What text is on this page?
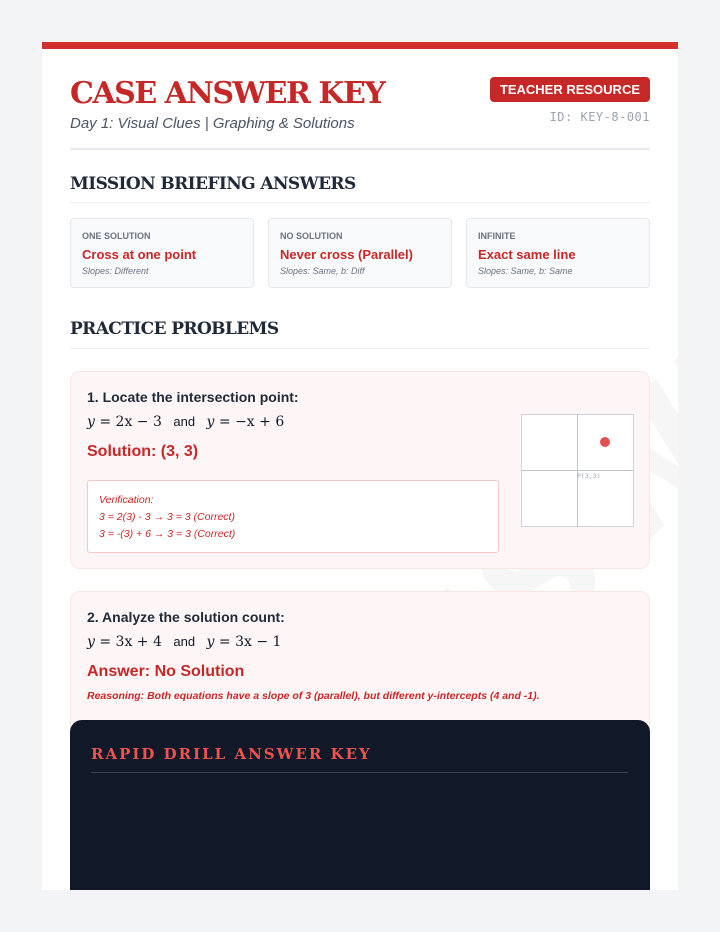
CASE ANSWER KEY
Day 1: Visual Clues | Graphing & Solutions
TEACHER RESOURCE
ID: KEY-8-001
MISSION BRIEFING ANSWERS
ONE SOLUTION
Cross at one point
Slopes: Different
NO SOLUTION
Never cross (Parallel)
Slopes: Same, b: Diff
INFINITE
Exact same line
Slopes: Same, b: Same
PRACTICE PROBLEMS
1. Locate the intersection point:
y = 2x − 3 and y = −x + 6
Solution: (3, 3)
Verification:
3 = 2(3) - 3 → 3 = 3 (Correct)
3 = -(3) + 6 → 3 = 3 (Correct)
P(3,3)
2. Analyze the solution count:
y = 3x + 4 and y = 3x − 1
Answer: No Solution
Reasoning: Both equations have a slope of 3 (parallel), but different y-intercepts (4 and -1).
RAPID DRILL ANSWER KEY
